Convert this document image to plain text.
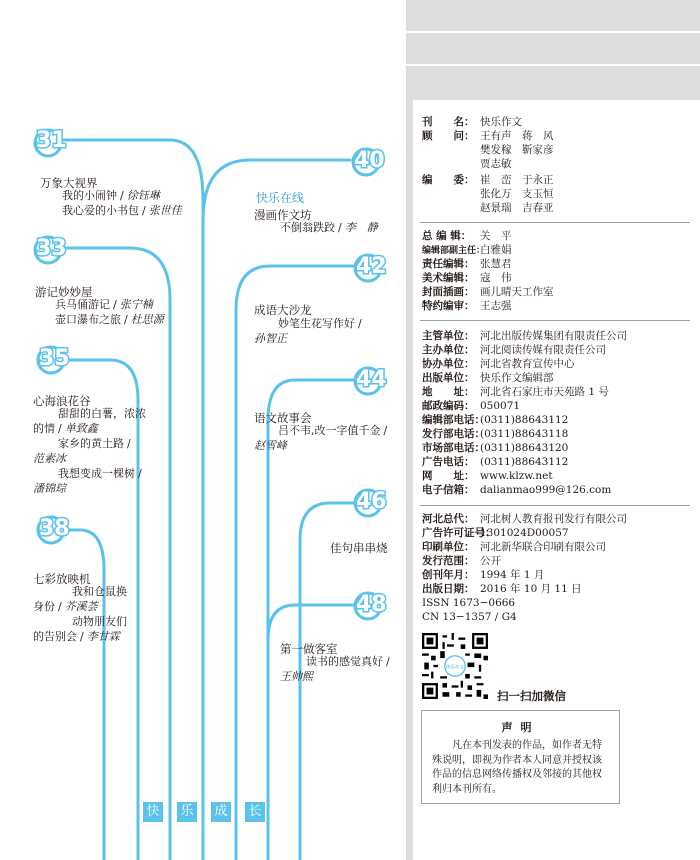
31
33
35
38
40
42
44
46
48
万象大视界
我的小闹钟 / 徐钰琳
我心爱的小书包 / 张世佳
游记妙妙屋
兵马俑游记 / 张宁楠
壶口瀑布之旅 / 杜思源
心海浪花谷
甜甜的白薯，浓浓
的情 / 单致鑫
家乡的黄土路 /
范素冰
我想变成一棵树 /
潘锦琮
七彩放映机
我和仓鼠换
身份 / 芥溪荟
动物朋友们
的告别会 / 李甘霖
快乐在线
漫画作文坊
不倒翁跌跤 / 李　静
成语大沙龙
妙笔生花写作好 /
孙智正
语文故事会
吕不韦,改一字值千金 /
赵雪峰
佳句串串烧
第一做客室
读书的感觉真好 /
王帅熙
快 乐 成 长
刊　　名： 快乐作文
顾　　问： 王有声　蒋　风
樊发稼　靳家彦
贾志敏
编　　委： 崔　峦　于永正
张化万　支玉恒
赵景瑞　吉春亚
总 编 辑： 关　平
编辑部副主任：
白雅娟
责任编辑： 张慧君
美术编辑： 寇　伟
封面插画： 画儿晴天工作室
特约编审： 王志强
主管单位： 河北出版传媒集团有限责任公司
主办单位： 河北阅读传媒有限责任公司
协办单位： 河北省教育宣传中心
出版单位： 快乐作文编辑部
地　　址： 河北省石家庄市天苑路 1 号
邮政编码： 050071
编辑部电话：
(0311)88643112
发行部电话：
(0311)88643118
市场部电话：
(0311)88643120
广告电话： (0311)88643112
网　　址： www.klzw.net
电子信箱： dalianmao999@126.com
河北总代： 河北树人教育报刊发行有限公司
广告许可证号：
1301024D00057
印刷单位： 河北新华联合印刷有限公司
发行范围： 公开
创刊年月： 1994 年 1 月
出版日期： 2016 年 10 月 11 日
ISSN 1673−0666
CN 13−1357 / G4
快乐作文
扫一扫加微信
声明
凡在本刊发表的作品，如作者无特殊说明，即视为作者本人同意并授权该作品的信息网络传播权及邻接的其他权利归本刊所有。
